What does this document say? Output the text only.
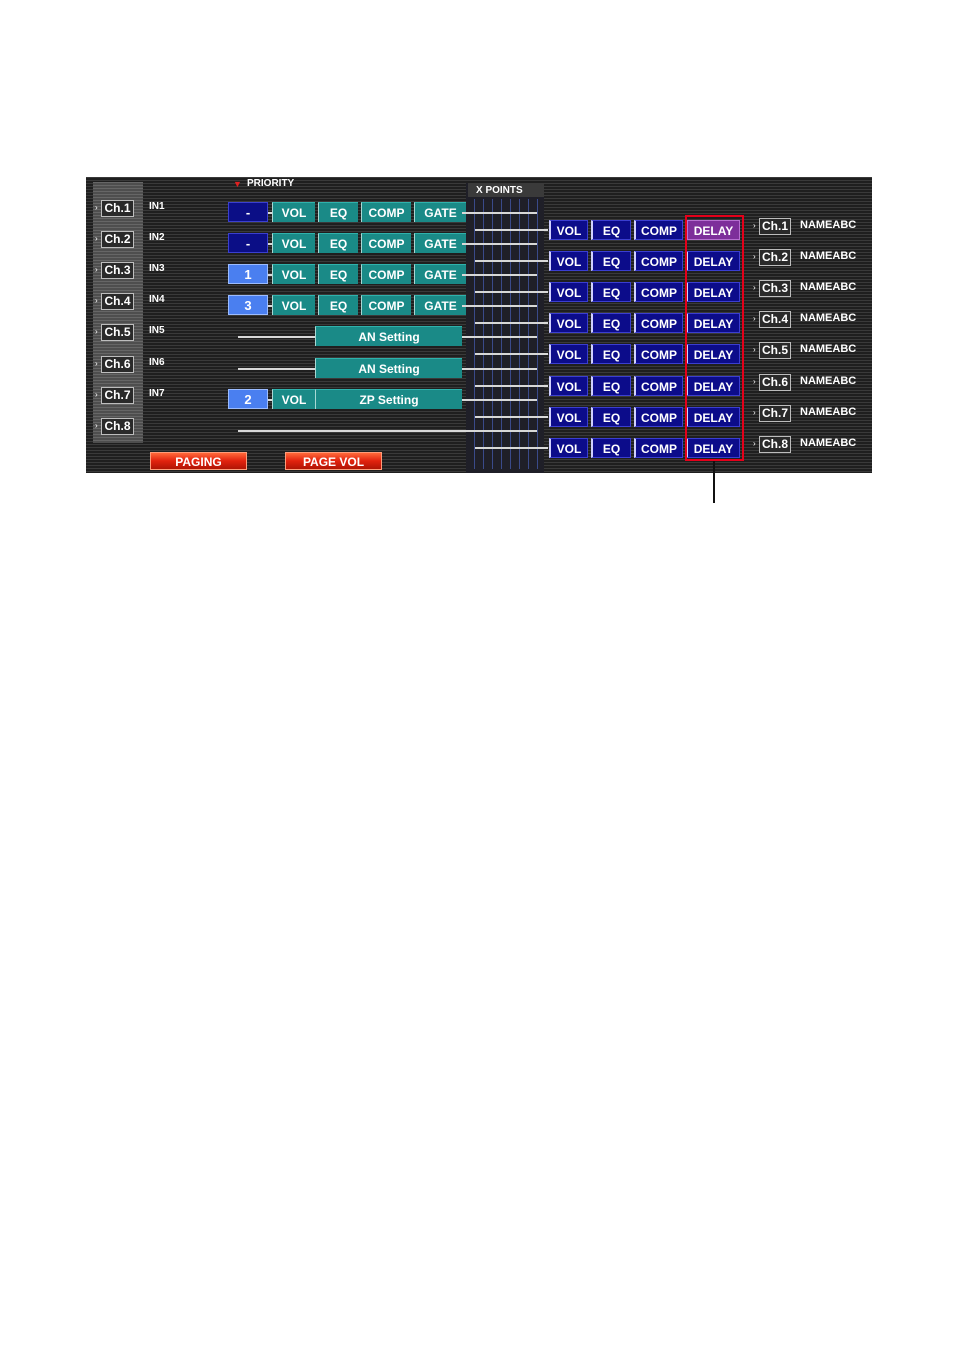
▼ PRIORITY
X POINTS
› Ch.1	IN1	-	VOL	EQ	COMP	GATE
› Ch.2	IN2	-	VOL	EQ	COMP	GATE
› Ch.3	IN3	1	VOL	EQ	COMP	GATE
› Ch.4	IN4	3	VOL	EQ	COMP	GATE
› Ch.5	IN5	AN Setting
› Ch.6	IN6	AN Setting
› Ch.7	IN7	2	VOL	ZP Setting
› Ch.8
VOL	EQ	COMP	DELAY	› Ch.1 NAMEABC
VOL	EQ	COMP	DELAY	› Ch.2 NAMEABC
VOL	EQ	COMP	DELAY	› Ch.3 NAMEABC
VOL	EQ	COMP	DELAY	› Ch.4 NAMEABC
VOL	EQ	COMP	DELAY	› Ch.5 NAMEABC
VOL	EQ	COMP	DELAY	› Ch.6 NAMEABC
VOL	EQ	COMP	DELAY	› Ch.7 NAMEABC
VOL	EQ	COMP	DELAY	› Ch.8 NAMEABC
PAGING	PAGE VOL
